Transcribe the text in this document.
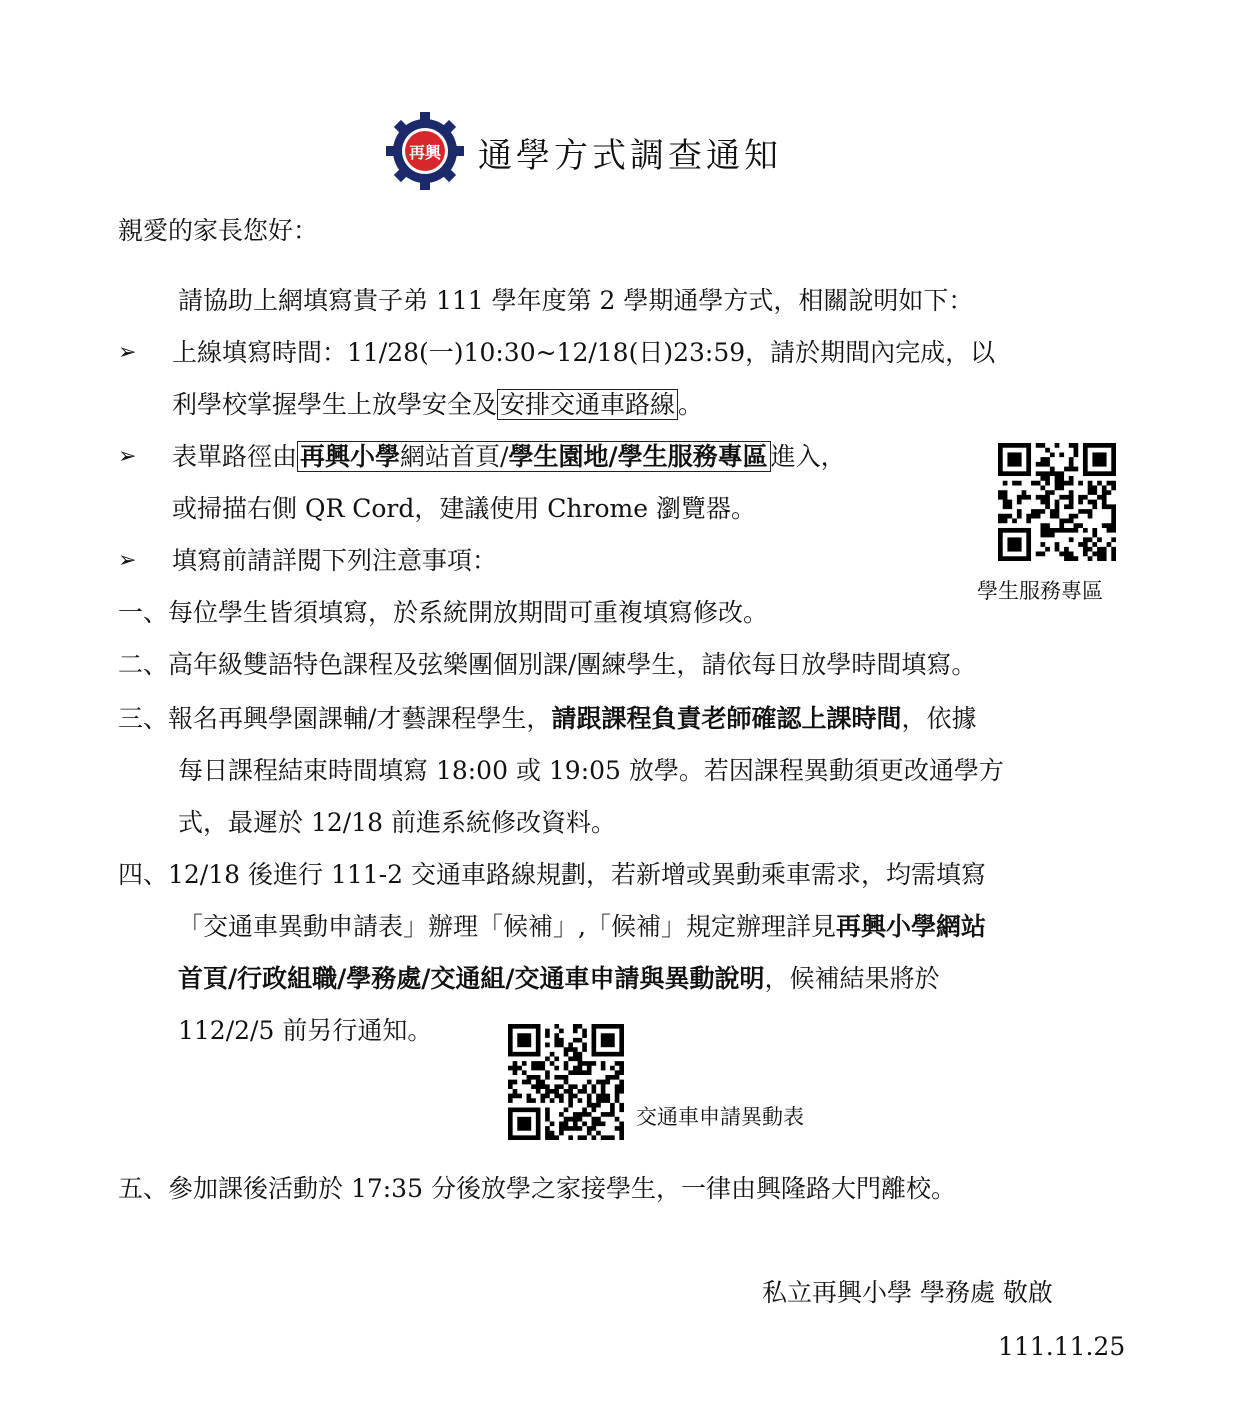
再興 通學方式調查通知
親愛的家長您好：
請協助上網填寫貴子弟 111 學年度第 2 學期通學方式，相關說明如下：
➢ 上線填寫時間：11/28(一)10:30~12/18(日)23:59，請於期間內完成，以
利學校掌握學生上放學安全及 安排交通車路線 。
➢ 表單路徑由 再興小學網站首頁/學生園地/學生服務專區 進入，
或掃描右側 QR Cord，建議使用 Chrome 瀏覽器。
➢ 填寫前請詳閱下列注意事項：
學生服務專區
一、每位學生皆須填寫，於系統開放期間可重複填寫修改。
二、高年級雙語特色課程及弦樂團個別課/團練學生，請依每日放學時間填寫。
三、報名再興學園課輔/才藝課程學生，請跟課程負責老師確認上課時間，依據
每日課程結束時間填寫 18:00 或 19:05 放學。若因課程異動須更改通學方
式，最遲於 12/18 前進系統修改資料。
四、12/18 後進行 111-2 交通車路線規劃，若新增或異動乘車需求，均需填寫
「交通車異動申請表」辦理「候補」,「候補」規定辦理詳見再興小學網站
首頁/行政組職/學務處/交通組/交通車申請與異動說明，候補結果將於
112/2/5 前另行通知。
交通車申請異動表
五、參加課後活動於 17:35 分後放學之家接學生，一律由興隆路大門離校。
私立再興小學 學務處 敬啟
111.11.25
